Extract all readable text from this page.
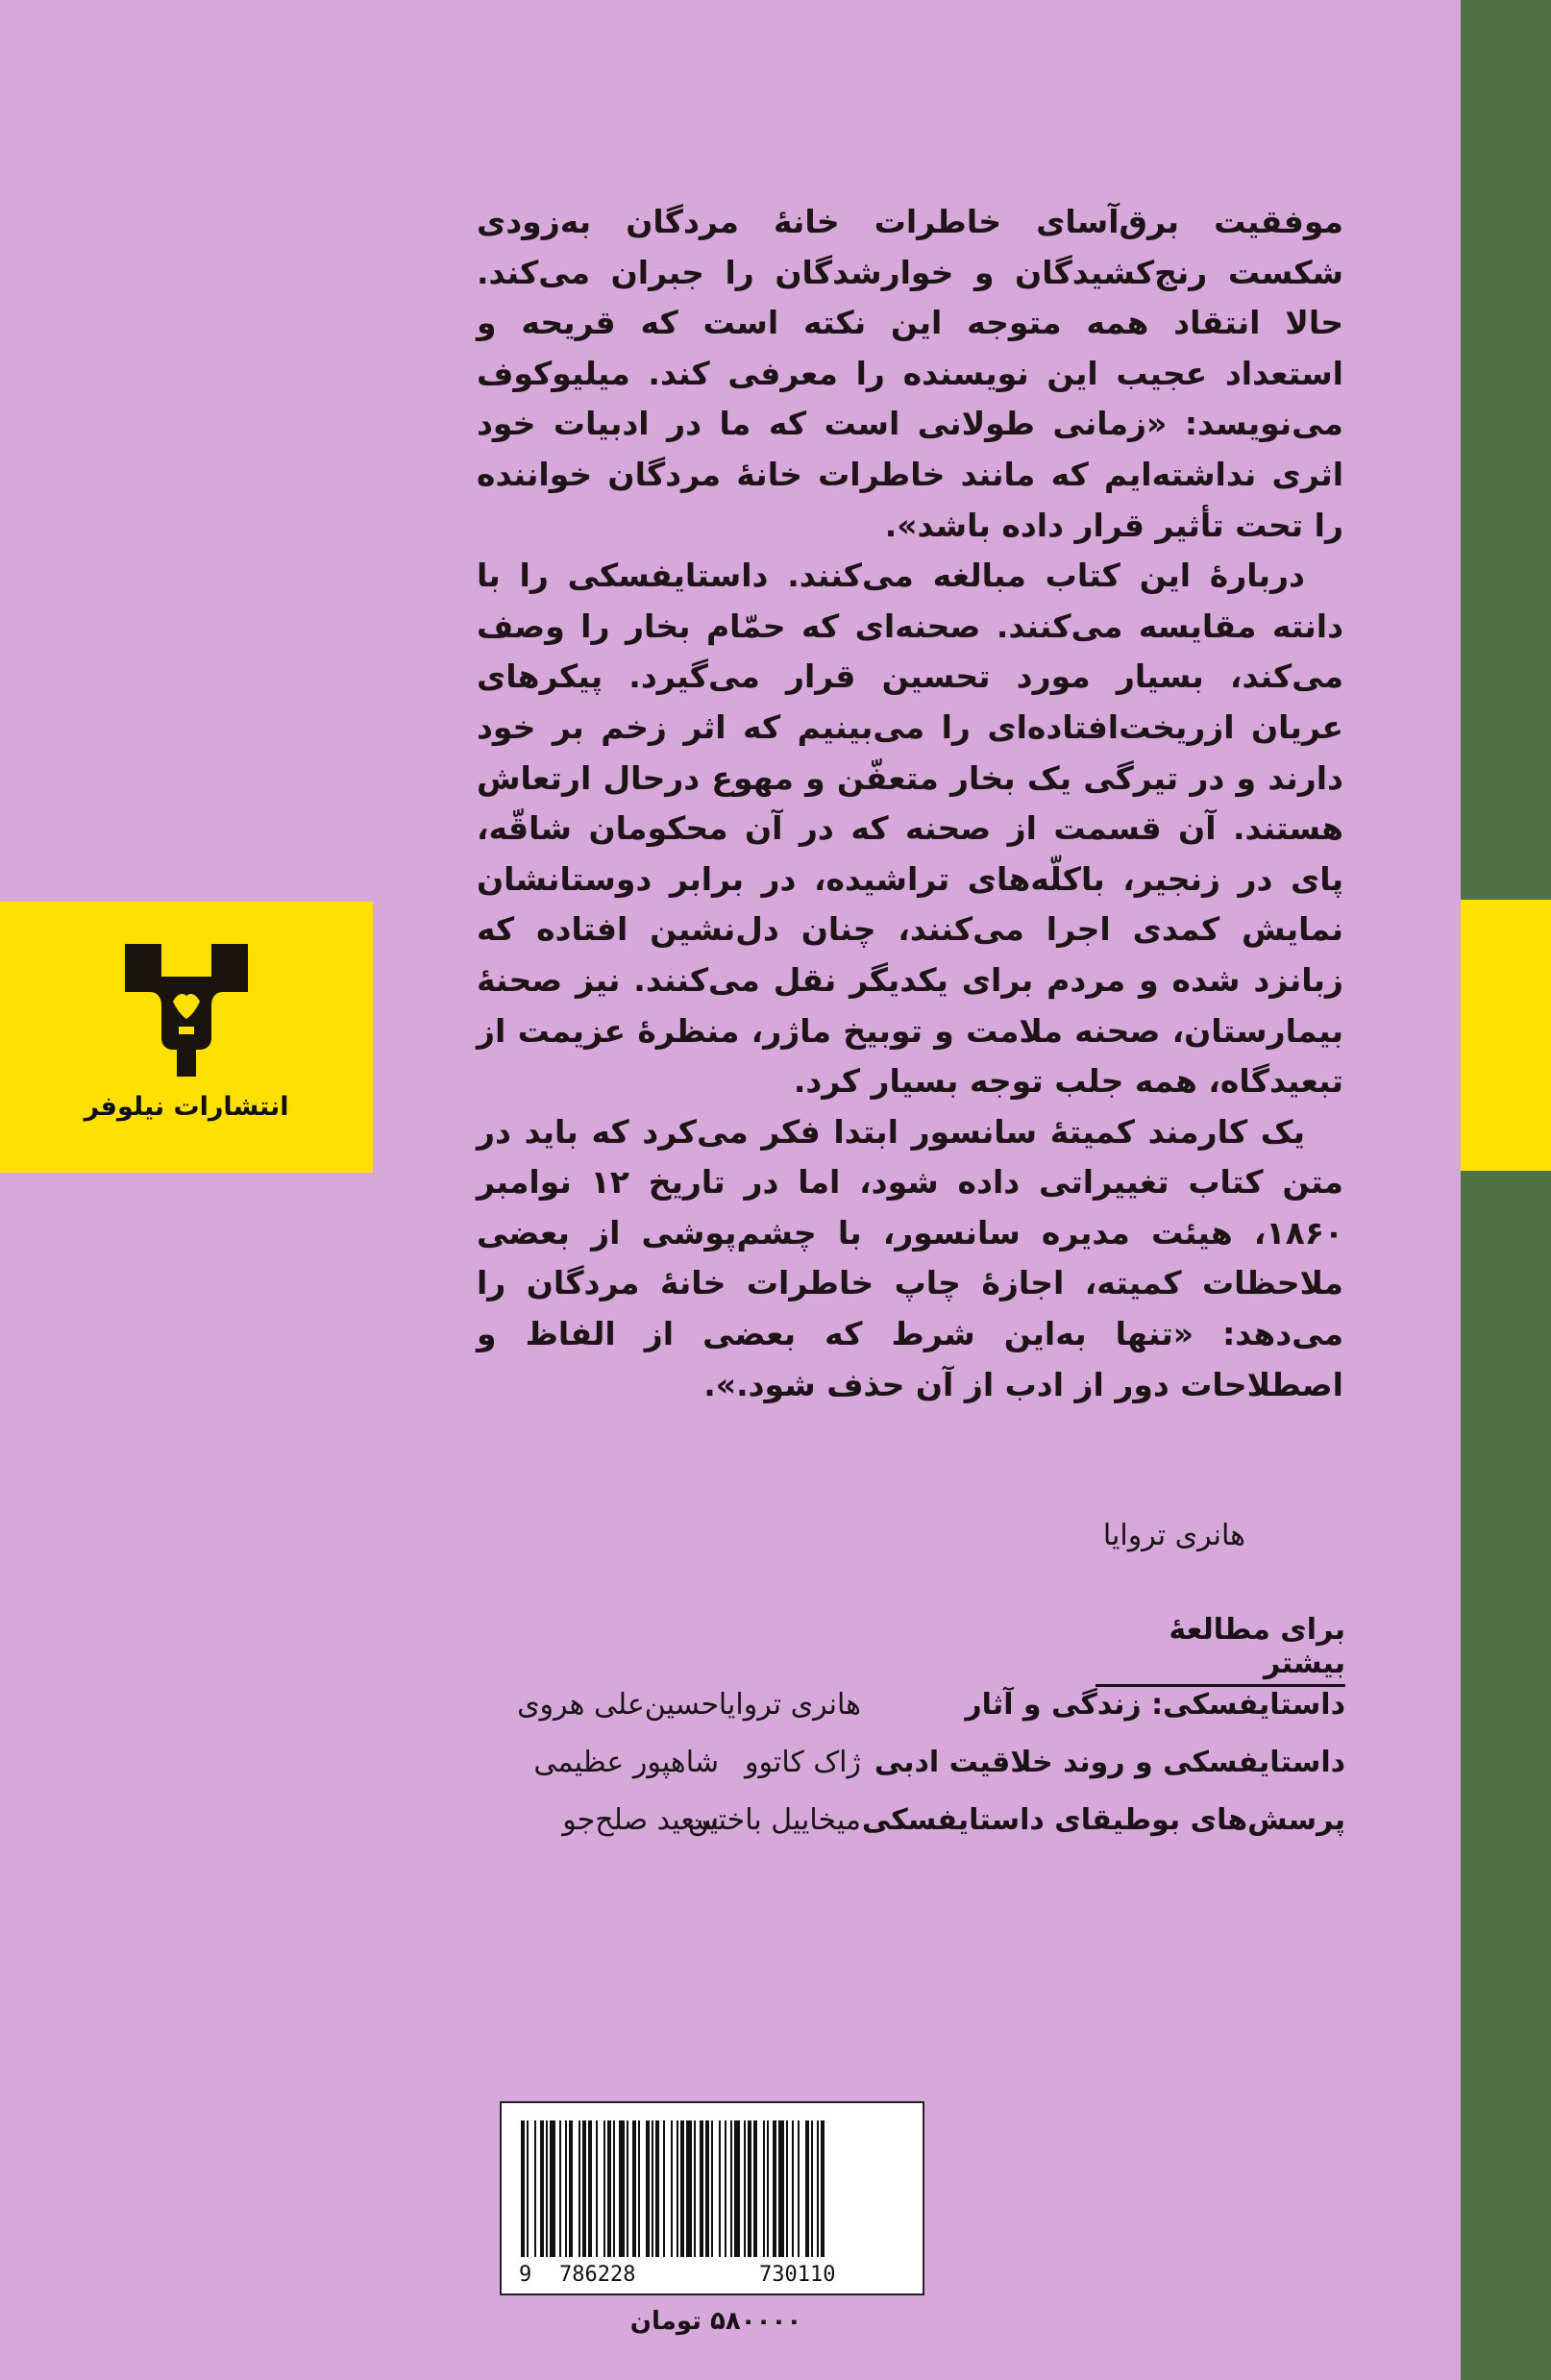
انتشارات نیلوفر

موفقیت برق‌آسای خاطرات خانهٔ مردگان به‌زودی شکست رنج‌کشیدگان و خوارشدگان را جبران می‌کند. حالا انتقاد همه متوجه این نکته است که قریحه و استعداد عجیب این نویسنده را معرفی کند. میلیوکوف می‌نویسد: «زمانی طولانی است که ما در ادبیات خود اثری نداشته‌ایم که مانند خاطرات خانهٔ مردگان خواننده را تحت تأثیر قرار داده باشد».

دربارهٔ این کتاب مبالغه می‌کنند. داستایفسکی را با دانته مقایسه می‌کنند. صحنه‌ای که حمّام بخار را وصف می‌کند، بسیار مورد تحسین قرار می‌گیرد. پیکرهای عریان ازریخت‌افتاده‌ای را می‌بینیم که اثر زخم بر خود دارند و در تیرگی یک بخار متعفّن و مهوع درحال ارتعاش هستند. آن قسمت از صحنه که در آن محکومان شاقّه، پای در زنجیر، باکلّه‌های تراشیده، در برابر دوستانشان نمایش کمدی اجرا می‌کنند، چنان دل‌نشین افتاده که زبانزد شده و مردم برای یکدیگر نقل می‌کنند. نیز صحنهٔ بیمارستان، صحنه ملامت و توبیخ ماژر، منظرهٔ عزیمت از تبعیدگاه، همه جلب توجه بسیار کرد.

یک کارمند کمیتهٔ سانسور ابتدا فکر می‌کرد که باید در متن کتاب تغییراتی داده شود، اما در تاریخ ۱۲ نوامبر ۱۸۶۰، هیئت مدیره سانسور، با چشم‌پوشی از بعضی ملاحظات کمیته، اجازهٔ چاپ خاطرات خانهٔ مردگان را می‌دهد: «تنها به‌این شرط که بعضی از الفاظ و اصطلاحات دور از ادب از آن حذف شود.».

هانری تروایا
برای مطالعهٔ بیشتر
داستایفسکی: زندگی و آثار
هانری تروایا
حسین‌علی هروی
داستایفسکی و روند خلاقیت ادبی
ژاک کاتوو
شاهپور عظیمی
پرسش‌های بوطیقای داستایفسکی
میخاییل باختین
سعید صلح‌جو
9 786228	730110
۵۸۰۰۰۰ تومان
